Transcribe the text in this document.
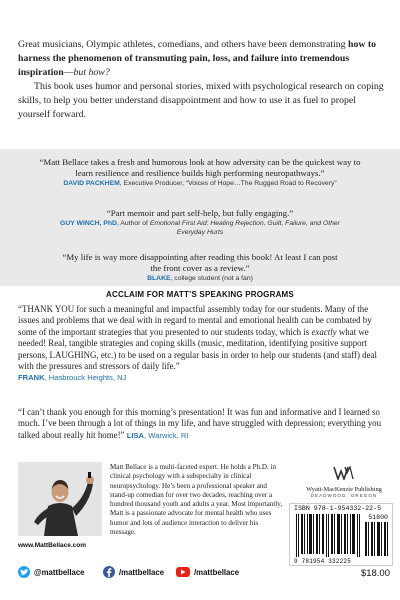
Great musicians, Olympic athletes, comedians, and others have been demonstrating how to harness the phenomenon of transmuting pain, loss, and failure into tremendous inspiration—but how?

This book uses humor and personal stories, mixed with psychological research on coping skills, to help you better understand disappointment and how to use it as fuel to propel yourself forward.

“Matt Bellace takes a fresh and humorous look at how adversity can be the quickest way to learn resilience and resilience builds high performing neuropathways.”
DAVID PACKHEM, Executive Producer, “Voices of Hope…The Rugged Road to Recovery”
“Part memoir and part self-help, but fully engaging.”
GUY WINCH, PhD, Author of Emotional First Aid: Healing Rejection, Guilt, Failure, and Other Everyday Hurts
“My life is way more disappointing after reading this book! At least I can post the front cover as a review.”
BLAKE, college student (not a fan)
ACCLAIM FOR MATT’S SPEAKING PROGRAMS
“THANK YOU for such a meaningful and impactful assembly today for our students. Many of the issues and problems that we deal with in regard to mental and emotional health can be combated by some of the important strategies that you presented to our students today, which is exactly what we needed! Real, tangible strategies and coping skills (music, meditation, identifying positive support persons, LAUGHING, etc.) to be used on a regular basis in order to help our students (and staff) deal with the pressures and stressors of daily life.”
FRANK, Hasbrouck Heights, NJ
“I can’t thank you enough for this morning’s presentation! It was fun and informative and I learned so much. I’ve been through a lot of things in my life, and have struggled with depression; everything you talked about really hit home!” LISA, Warwick, RI
www.MattBellace.com
Matt Bellace is a multi-faceted expert. He holds a Ph.D. in clinical psychology with a subspecialty in clinical neuropsychology. He’s been a professional speaker and stand-up comedian for over two decades, reaching over a hundred thousand youth and adults a year. Most importantly, Matt is a passionate advocate for mental health who uses humor and lots of audience interaction to deliver his message.
Wyatt-MacKenzie Publishing
DEADWOOD, OREGON
ISBN 978-1-954332-22-5
51800
9 781954 332225
@mattbellace	/mattbellace	/mattbellace	$18.00
